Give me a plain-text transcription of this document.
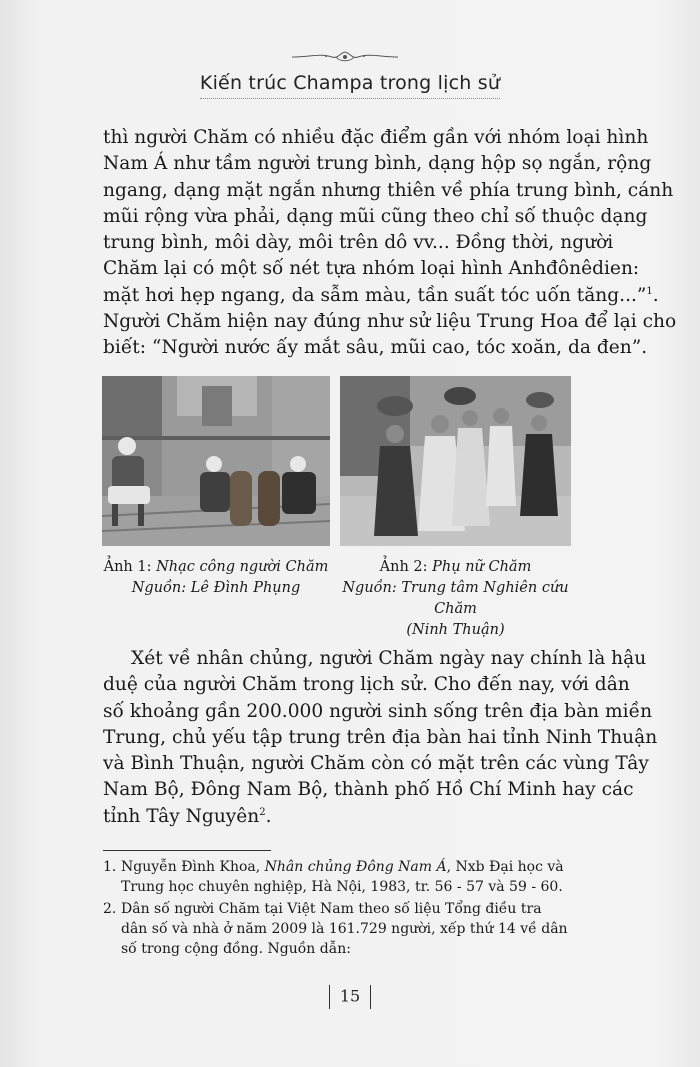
Kiến trúc Champa trong lịch sử
thì người Chăm có nhiều đặc điểm gần với nhóm loại hình
Nam Á như tầm người trung bình, dạng hộp sọ ngắn, rộng
ngang, dạng mặt ngắn nhưng thiên về phía trung bình, cánh
mũi rộng vừa phải, dạng mũi cũng theo chỉ số thuộc dạng
trung bình, môi dày, môi trên dô vv... Đồng thời, người
Chăm lại có một số nét tựa nhóm loại hình Anhđônêdien:
mặt hơi hẹp ngang, da sẫm màu, tần suất tóc uốn tăng...”$^1$.
Người Chăm hiện nay đúng như sử liệu Trung Hoa để lại cho
biết: “Người nước ấy mắt sâu, mũi cao, tóc xoăn, da đen”.
Ảnh 1: Nhạc công người Chăm
Nguồn: Lê Đình Phụng
Ảnh 2: Phụ nữ Chăm
Nguồn: Trung tâm Nghiên cứu Chăm
(Ninh Thuận)
Xét về nhân chủng, người Chăm ngày nay chính là hậu
duệ của người Chăm trong lịch sử. Cho đến nay, với dân
số khoảng gần 200.000 người sinh sống trên địa bàn miền
Trung, chủ yếu tập trung trên địa bàn hai tỉnh Ninh Thuận
và Bình Thuận, người Chăm còn có mặt trên các vùng Tây
Nam Bộ, Đông Nam Bộ, thành phố Hồ Chí Minh hay các
tỉnh Tây Nguyên$^2$.

1. Nguyễn Đình Khoa, Nhân chủng Đông Nam Á, Nxb Đại học và Trung học chuyên nghiệp, Hà Nội, 1983, tr. 56 - 57 và 59 - 60.

2. Dân số người Chăm tại Việt Nam theo số liệu Tổng điều tra dân số và nhà ở năm 2009 là 161.729 người, xếp thứ 14 về dân số trong cộng đồng. Nguồn dẫn:

15
